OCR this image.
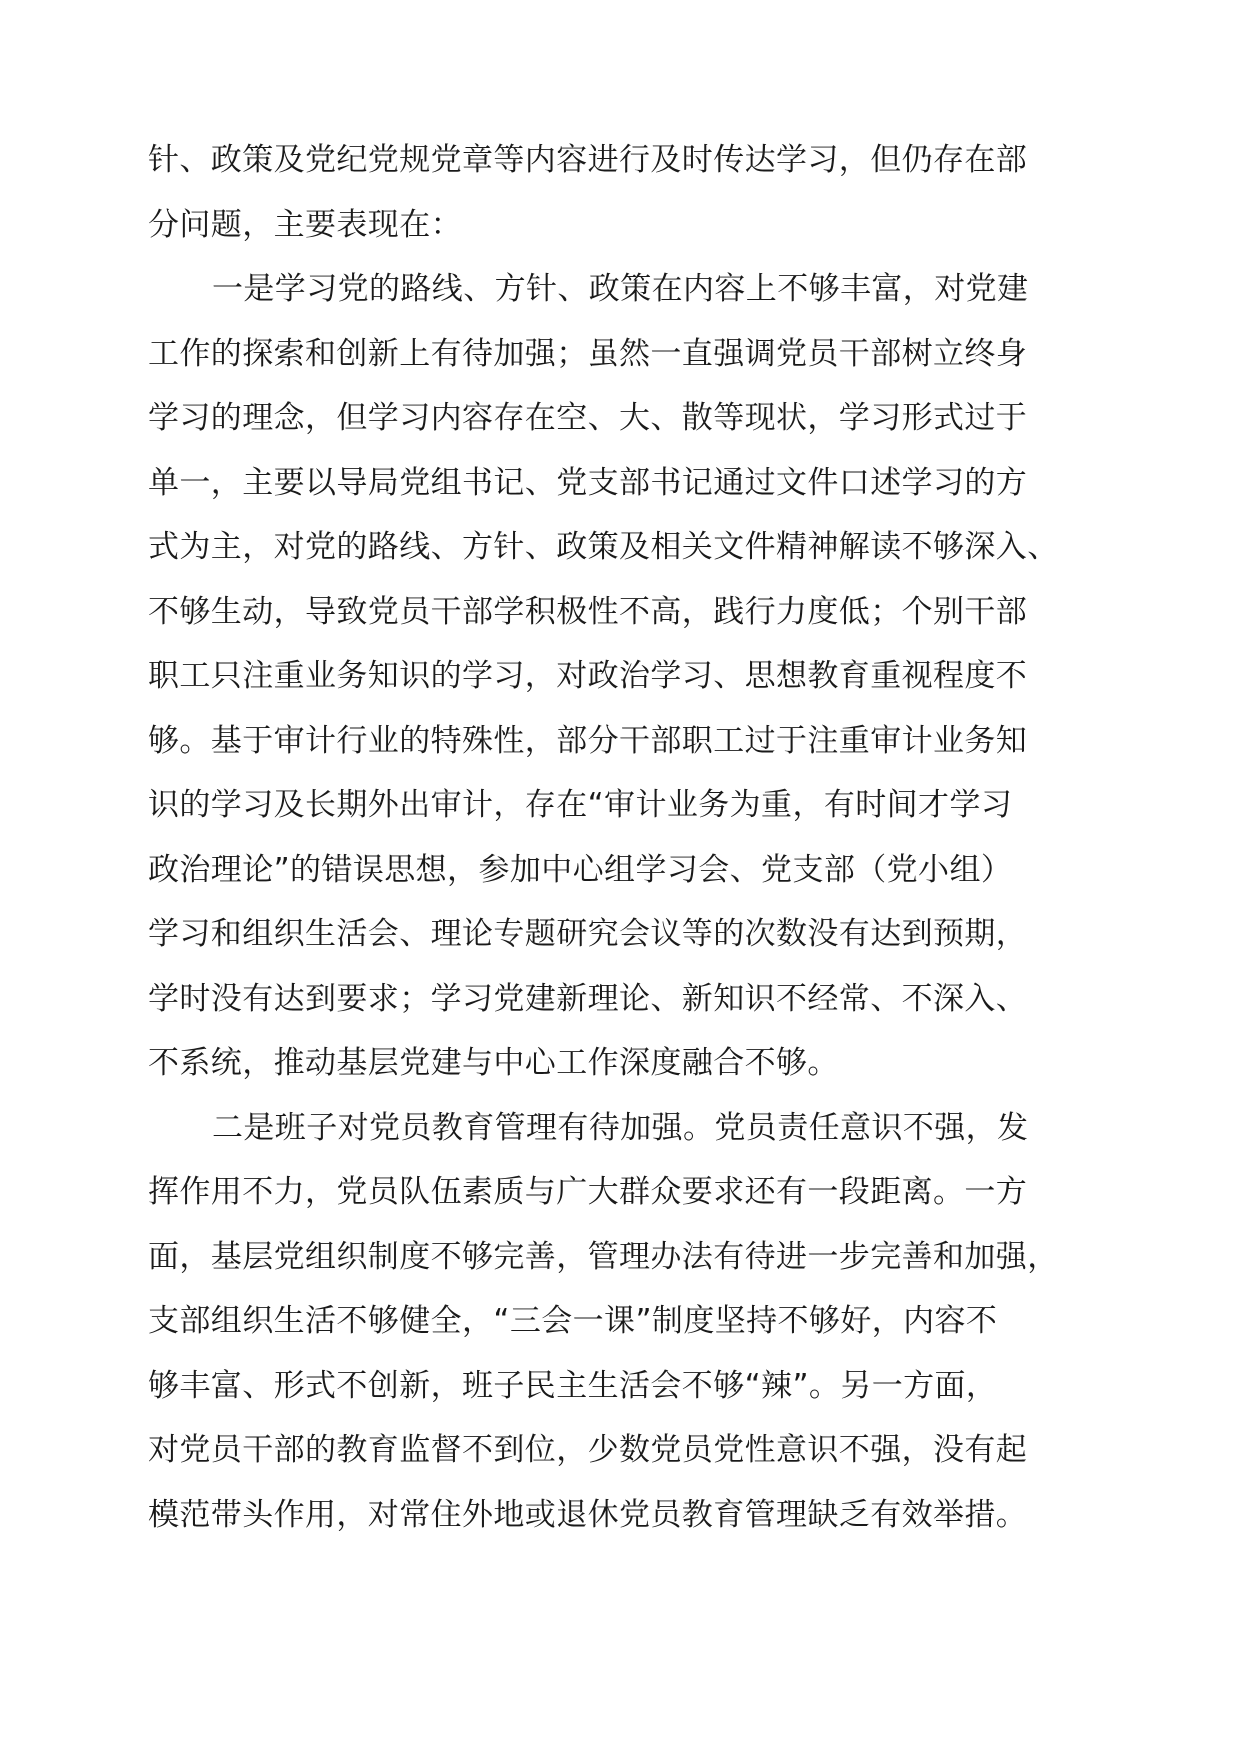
针、政策及党纪党规党章等内容进行及时传达学习，但仍存在部
分问题，主要表现在：
一是学习党的路线、方针、政策在内容上不够丰富，对党建
工作的探索和创新上有待加强；虽然一直强调党员干部树立终身
学习的理念，但学习内容存在空、大、散等现状，学习形式过于
单一，主要以导局党组书记、党支部书记通过文件口述学习的方
式为主，对党的路线、方针、政策及相关文件精神解读不够深入、
不够生动，导致党员干部学积极性不高，践行力度低；个别干部
职工只注重业务知识的学习，对政治学习、思想教育重视程度不
够。基于审计行业的特殊性，部分干部职工过于注重审计业务知
识的学习及长期外出审计，存在“审计业务为重，有时间才学习
政治理论”的错误思想，参加中心组学习会、党支部（党小组）
学习和组织生活会、理论专题研究会议等的次数没有达到预期，
学时没有达到要求；学习党建新理论、新知识不经常、不深入、
不系统，推动基层党建与中心工作深度融合不够。
二是班子对党员教育管理有待加强。党员责任意识不强，发
挥作用不力，党员队伍素质与广大群众要求还有一段距离。一方
面，基层党组织制度不够完善，管理办法有待进一步完善和加强，
支部组织生活不够健全，“三会一课”制度坚持不够好，内容不
够丰富、形式不创新，班子民主生活会不够“辣”。另一方面，
对党员干部的教育监督不到位，少数党员党性意识不强，没有起
模范带头作用，对常住外地或退休党员教育管理缺乏有效举措。
